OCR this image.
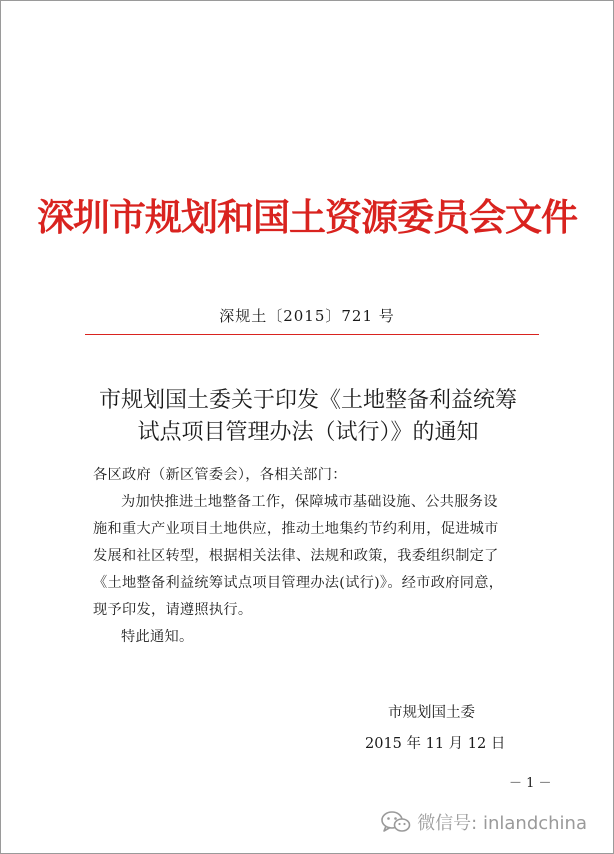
深圳市规划和国土资源委员会文件
深规土〔2015〕721 号
市规划国土委关于印发《土地整备利益统筹
试点项目管理办法（试行）》的通知
各区政府（新区管委会），各相关部门：
为加快推进土地整备工作，保障城市基础设施、公共服务设
施和重大产业项目土地供应，推动土地集约节约利用，促进城市
发展和社区转型，根据相关法律、法规和政策，我委组织制定了
《土地整备利益统筹试点项目管理办法(试行)》。经市政府同意，
现予印发，请遵照执行。
特此通知。
市规划国土委
2015 年 11 月 12 日
－ 1 －
微信号: inlandchina
